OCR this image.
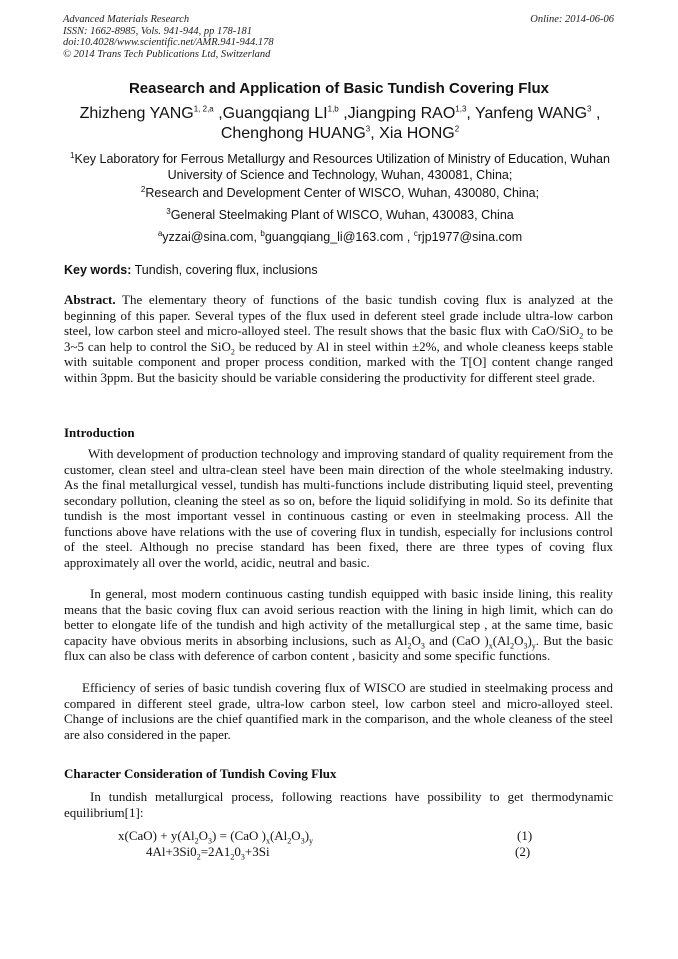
Advanced Materials Research
ISSN: 1662-8985, Vols. 941-944, pp 178-181
doi:10.4028/www.scientific.net/AMR.941-944.178
© 2014 Trans Tech Publications Ltd, Switzerland
Online: 2014-06-06
Reasearch and Application of Basic Tundish Covering Flux
Zhizheng YANG$^{1, 2,a}$ ,Guangqiang LI$^{1,b}$ ,Jiangping RAO$^{1,3}$, Yanfeng WANG$^3$ ,
Chenghong HUANG$^3$, Xia HONG$^2$
$^1$Key Laboratory for Ferrous Metallurgy and Resources Utilization of Ministry of Education, Wuhan University of Science and Technology, Wuhan, 430081, China;
$^2$Research and Development Center of WISCO, Wuhan, 430080, China;
$^3$General Steelmaking Plant of WISCO, Wuhan, 430083, China
$^a$yzzai@sina.com, $^b$guangqiang_li@163.com , $^c$rjp1977@sina.com
Key words: Tundish, covering flux, inclusions
Abstract. The elementary theory of functions of the basic tundish coving flux is analyzed at the beginning of this paper. Several types of the flux used in deferent steel grade include ultra-low carbon steel, low carbon steel and micro-alloyed steel. The result shows that the basic flux with CaO/SiO$_2$ to be 3~5 can help to control the SiO$_2$ be reduced by Al in steel within ±2%, and whole cleaness keeps stable with suitable component and proper process condition, marked with the T[O] content change ranged within 3ppm. But the basicity should be variable considering the productivity for different steel grade.
Introduction
With development of production technology and improving standard of quality requirement from the customer, clean steel and ultra-clean steel have been main direction of the whole steelmaking industry. As the final metallurgical vessel, tundish has multi-functions include distributing liquid steel, preventing secondary pollution, cleaning the steel as so on, before the liquid solidifying in mold. So its definite that tundish is the most important vessel in continuous casting or even in steelmaking process. All the functions above have relations with the use of covering flux in tundish, especially for inclusions control of the steel. Although no precise standard has been fixed, there are three types of coving flux approximately all over the world, acidic, neutral and basic.
In general, most modern continuous casting tundish equipped with basic inside lining, this reality means that the basic coving flux can avoid serious reaction with the lining in high limit, which can do better to elongate life of the tundish and high activity of the metallurgical step , at the same time, basic capacity have obvious merits in absorbing inclusions, such as $Al_2O_3$ and (CaO )$_x(Al_2O_3)_y$. But the basic flux can also be class with deference of carbon content , basicity and some specific functions.
Efficiency of series of basic tundish covering flux of WISCO are studied in steelmaking process and compared in different steel grade, ultra-low carbon steel, low carbon steel and micro-alloyed steel. Change of inclusions are the chief quantified mark in the comparison, and the whole cleaness of the steel are also considered in the paper.
Character Consideration of Tundish Coving Flux
In tundish metallurgical process, following reactions have possibility to get thermodynamic equilibrium[1]:
$x(CaO) + y(Al_2O_3) = (CaO$ )$_x(Al_2O_3)_y$	(1)
$4Al+3Si0_2=2A1_20_3+3Si$	(2)
